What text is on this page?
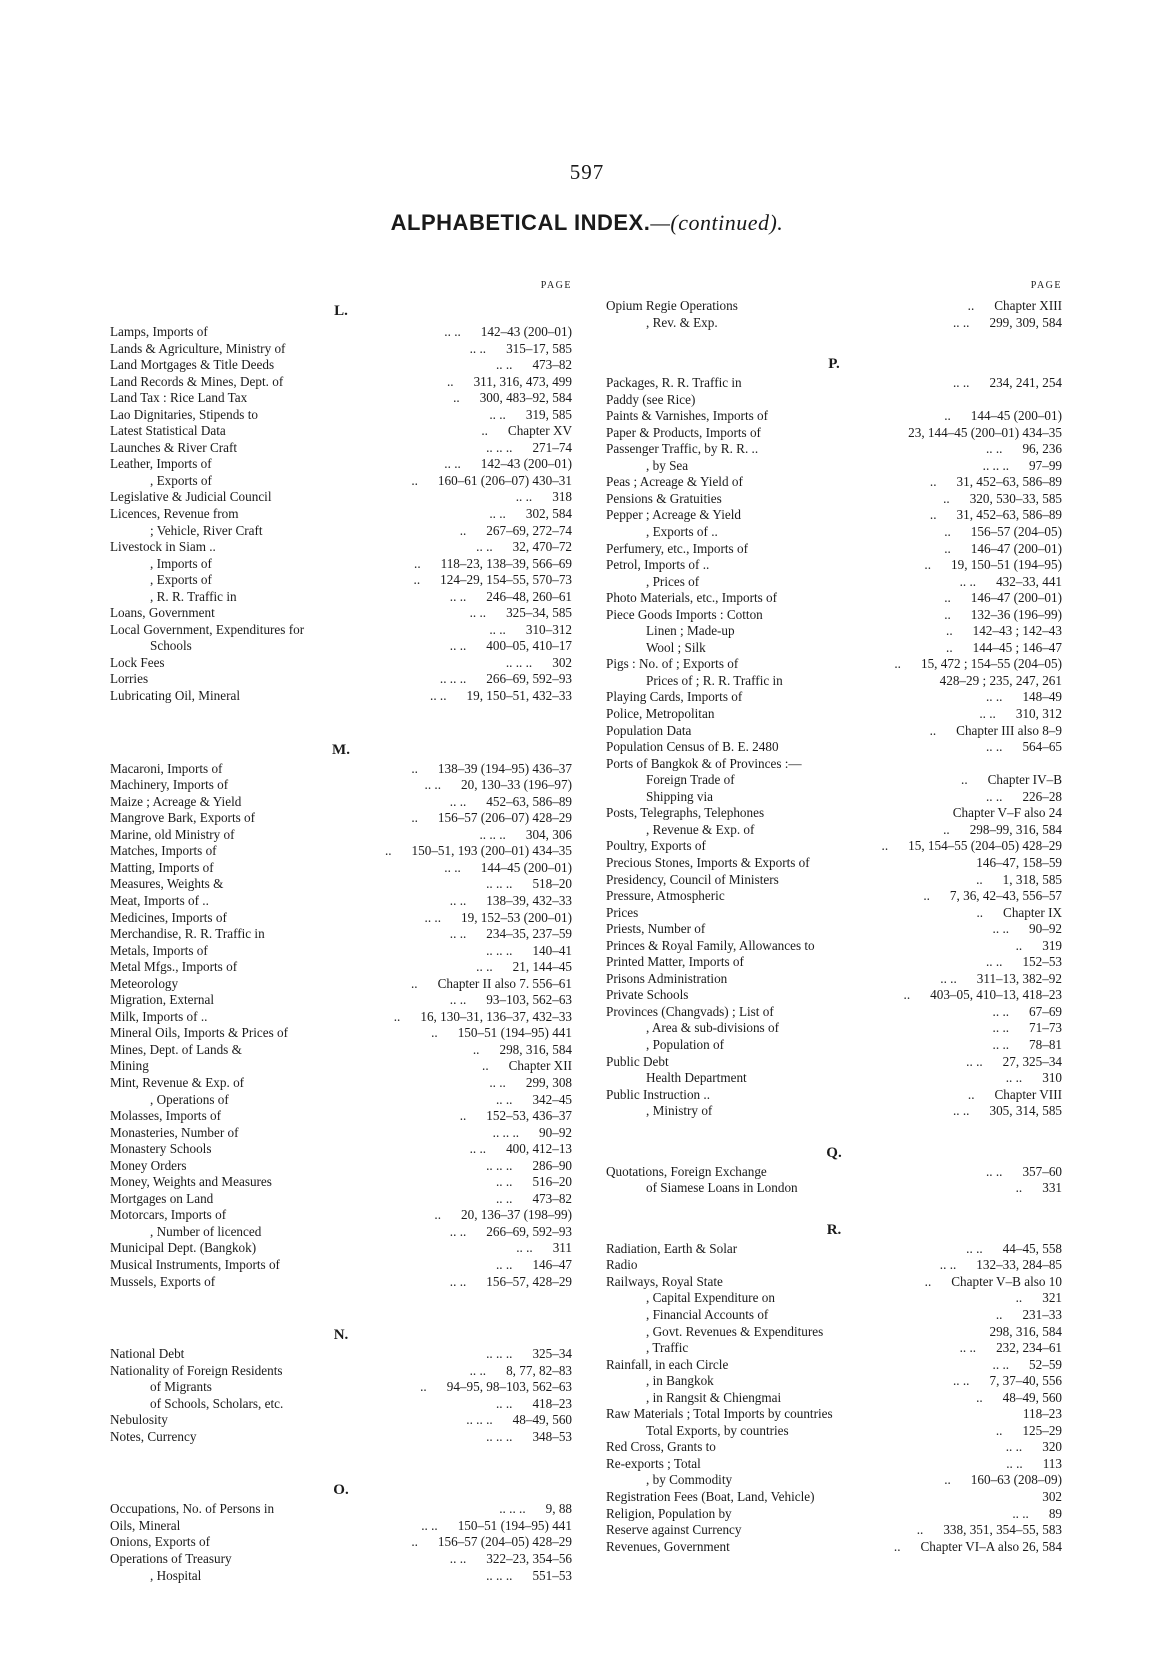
597
ALPHABETICAL INDEX.—(continued).
PAGE
L.
Lamps, Imports of	.. ..	142–43 (200–01)
Lands & Agriculture, Ministry of	.. ..	315–17, 585
Land Mortgages & Title Deeds	.. ..	473–82
Land Records & Mines, Dept. of	..	311, 316, 473, 499
Land Tax : Rice Land Tax	..	300, 483–92, 584
Lao Dignitaries, Stipends to	.. ..	319, 585
Latest Statistical Data	..	Chapter XV
Launches & River Craft	.. .. ..	271–74
Leather, Imports of	.. ..	142–43 (200–01)
, Exports of	..	160–61 (206–07) 430–31
Legislative & Judicial Council	.. ..	318
Licences, Revenue from	.. ..	302, 584
; Vehicle, River Craft	..	267–69, 272–74
Livestock in Siam ..	.. ..	32, 470–72
, Imports of	..	118–23, 138–39, 566–69
, Exports of	..	124–29, 154–55, 570–73
, R. R. Traffic in	.. ..	246–48, 260–61
Loans, Government	.. ..	325–34, 585
Local Government, Expenditures for	.. ..	310–312
Schools	.. ..	400–05, 410–17
Lock Fees	.. .. ..	302
Lorries	.. .. ..	266–69, 592–93
Lubricating Oil, Mineral	.. ..	19, 150–51, 432–33
M.
Macaroni, Imports of	..	138–39 (194–95) 436–37
Machinery, Imports of	.. ..	20, 130–33 (196–97)
Maize ; Acreage & Yield	.. ..	452–63, 586–89
Mangrove Bark, Exports of	..	156–57 (206–07) 428–29
Marine, old Ministry of	.. .. ..	304, 306
Matches, Imports of	..	150–51, 193 (200–01) 434–35
Matting, Imports of	.. ..	144–45 (200–01)
Measures, Weights &	.. .. ..	518–20
Meat, Imports of ..	.. ..	138–39, 432–33
Medicines, Imports of	.. ..	19, 152–53 (200–01)
Merchandise, R. R. Traffic in	.. ..	234–35, 237–59
Metals, Imports of	.. .. ..	140–41
Metal Mfgs., Imports of	.. ..	21, 144–45
Meteorology	..	Chapter II also 7. 556–61
Migration, External	.. ..	93–103, 562–63
Milk, Imports of ..	..	16, 130–31, 136–37, 432–33
Mineral Oils, Imports & Prices of	..	150–51 (194–95) 441
Mines, Dept. of Lands &	..	298, 316, 584
Mining	..	Chapter XII
Mint, Revenue & Exp. of	.. ..	299, 308
, Operations of	.. ..	342–45
Molasses, Imports of	..	152–53, 436–37
Monasteries, Number of	.. .. ..	90–92
Monastery Schools	.. ..	400, 412–13
Money Orders	.. .. ..	286–90
Money, Weights and Measures	.. ..	516–20
Mortgages on Land	.. ..	473–82
Motorcars, Imports of	..	20, 136–37 (198–99)
, Number of licenced	.. ..	266–69, 592–93
Municipal Dept. (Bangkok)	.. ..	311
Musical Instruments, Imports of	.. ..	146–47
Mussels, Exports of	.. ..	156–57, 428–29
N.
National Debt	.. .. ..	325–34
Nationality of Foreign Residents	.. ..	8, 77, 82–83
of Migrants	..	94–95, 98–103, 562–63
of Schools, Scholars, etc.	.. ..	418–23
Nebulosity	.. .. ..	48–49, 560
Notes, Currency	.. .. ..	348–53
O.
Occupations, No. of Persons in	.. .. ..	9, 88
Oils, Mineral	.. ..	150–51 (194–95) 441
Onions, Exports of	..	156–57 (204–05) 428–29
Operations of Treasury	.. ..	322–23, 354–56
, Hospital	.. .. ..	551–53
PAGE
Opium Regie Operations	..	Chapter XIII
, Rev. & Exp.	.. ..	299, 309, 584
P.
Packages, R. R. Traffic in	.. ..	234, 241, 254
Paddy (see Rice)
Paints & Varnishes, Imports of	..	144–45 (200–01)
Paper & Products, Imports of	23, 144–45 (200–01) 434–35
Passenger Traffic, by R. R. ..	.. ..	96, 236
, by Sea	.. .. ..	97–99
Peas ; Acreage & Yield of	..	31, 452–63, 586–89
Pensions & Gratuities	..	320, 530–33, 585
Pepper ; Acreage & Yield	..	31, 452–63, 586–89
, Exports of ..	..	156–57 (204–05)
Perfumery, etc., Imports of	..	146–47 (200–01)
Petrol, Imports of ..	..	19, 150–51 (194–95)
, Prices of	.. ..	432–33, 441
Photo Materials, etc., Imports of	..	146–47 (200–01)
Piece Goods Imports : Cotton	..	132–36 (196–99)
Linen ; Made-up	..	142–43 ; 142–43
Wool ; Silk	..	144–45 ; 146–47
Pigs : No. of ; Exports of	..	15, 472 ; 154–55 (204–05)
Prices of ; R. R. Traffic in	428–29 ; 235, 247, 261
Playing Cards, Imports of	.. ..	148–49
Police, Metropolitan	.. ..	310, 312
Population Data	..	Chapter III also 8–9
Population Census of B. E. 2480	.. ..	564–65
Ports of Bangkok & of Provinces :—
Foreign Trade of	..	Chapter IV–B
Shipping via	.. ..	226–28
Posts, Telegraphs, Telephones	Chapter V–F also 24
, Revenue & Exp. of	..	298–99, 316, 584
Poultry, Exports of	..	15, 154–55 (204–05) 428–29
Precious Stones, Imports & Exports of	146–47, 158–59
Presidency, Council of Ministers	..	1, 318, 585
Pressure, Atmospheric	..	7, 36, 42–43, 556–57
Prices	..	Chapter IX
Priests, Number of	.. ..	90–92
Princes & Royal Family, Allowances to	..	319
Printed Matter, Imports of	.. ..	152–53
Prisons Administration	.. ..	311–13, 382–92
Private Schools	..	403–05, 410–13, 418–23
Provinces (Changvads) ; List of	.. ..	67–69
, Area & sub-divisions of	.. ..	71–73
, Population of	.. ..	78–81
Public Debt	.. ..	27, 325–34
Health Department	.. ..	310
Public Instruction ..	..	Chapter VIII
, Ministry of	.. ..	305, 314, 585
Q.
Quotations, Foreign Exchange	.. ..	357–60
of Siamese Loans in London	..	331
R.
Radiation, Earth & Solar	.. ..	44–45, 558
Radio	.. ..	132–33, 284–85
Railways, Royal State	..	Chapter V–B also 10
, Capital Expenditure on	..	321
, Financial Accounts of	..	231–33
, Govt. Revenues & Expenditures	298, 316, 584
, Traffic	.. ..	232, 234–61
Rainfall, in each Circle	.. ..	52–59
, in Bangkok	.. ..	7, 37–40, 556
, in Rangsit & Chiengmai	..	48–49, 560
Raw Materials ; Total Imports by countries	118–23
Total Exports, by countries	..	125–29
Red Cross, Grants to	.. ..	320
Re-exports ; Total	.. ..	113
, by Commodity	..	160–63 (208–09)
Registration Fees (Boat, Land, Vehicle)	302
Religion, Population by	.. ..	89
Reserve against Currency	..	338, 351, 354–55, 583
Revenues, Government	..	Chapter VI–A also 26, 584
